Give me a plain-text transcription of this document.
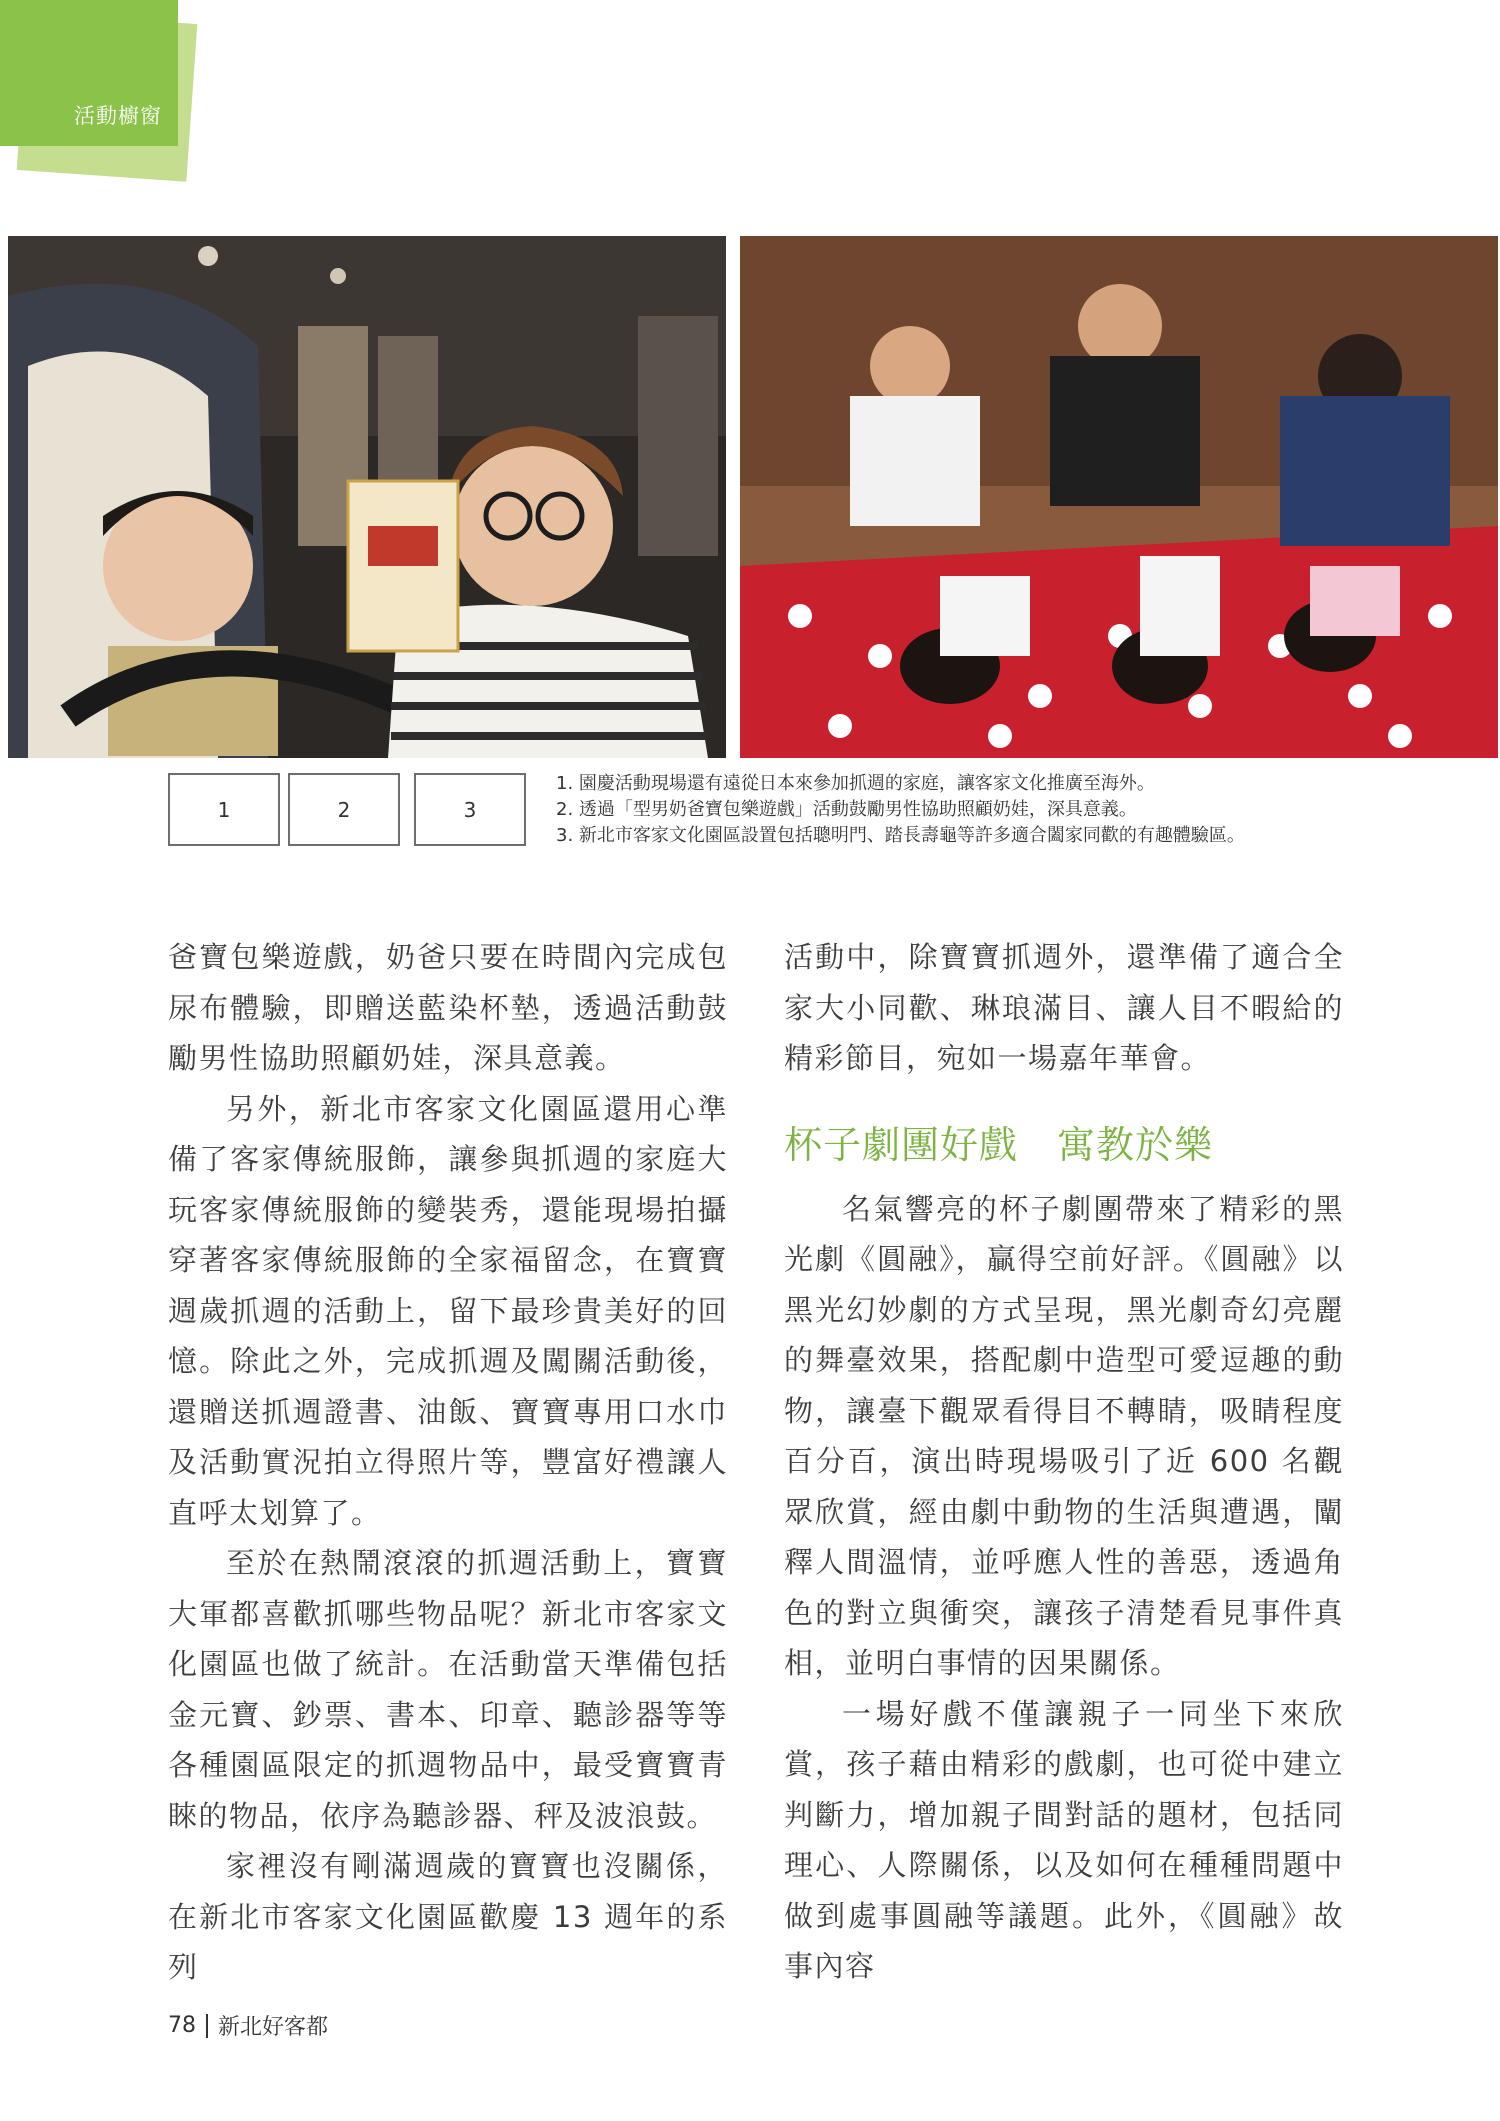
活動櫥窗
1	2	3
1. 園慶活動現場還有遠從日本來參加抓週的家庭，讓客家文化推廣至海外。
2. 透過「型男奶爸寶包樂遊戲」活動鼓勵男性協助照顧奶娃，深具意義。
3. 新北市客家文化園區設置包括聰明門、踏長壽龜等許多適合闔家同歡的有趣體驗區。

爸寶包樂遊戲，奶爸只要在時間內完成包尿布體驗，即贈送藍染杯墊，透過活動鼓勵男性協助照顧奶娃，深具意義。

另外，新北市客家文化園區還用心準備了客家傳統服飾，讓參與抓週的家庭大玩客家傳統服飾的變裝秀，還能現場拍攝穿著客家傳統服飾的全家福留念，在寶寶週歲抓週的活動上，留下最珍貴美好的回憶。除此之外，完成抓週及闖關活動後，還贈送抓週證書、油飯、寶寶專用口水巾及活動實況拍立得照片等，豐富好禮讓人直呼太划算了。

至於在熱鬧滾滾的抓週活動上，寶寶大軍都喜歡抓哪些物品呢？新北市客家文化園區也做了統計。在活動當天準備包括金元寶、鈔票、書本、印章、聽診器等等各種園區限定的抓週物品中，最受寶寶青睞的物品，依序為聽診器、秤及波浪鼓。

家裡沒有剛滿週歲的寶寶也沒關係，在新北市客家文化園區歡慶 13 週年的系列

活動中，除寶寶抓週外，還準備了適合全家大小同歡、琳琅滿目、讓人目不暇給的精彩節目，宛如一場嘉年華會。

杯子劇團好戲　寓教於樂

名氣響亮的杯子劇團帶來了精彩的黑光劇《圓融》，贏得空前好評。《圓融》以黑光幻妙劇的方式呈現，黑光劇奇幻亮麗的舞臺效果，搭配劇中造型可愛逗趣的動物，讓臺下觀眾看得目不轉睛，吸睛程度百分百，演出時現場吸引了近 600 名觀眾欣賞，經由劇中動物的生活與遭遇，闡釋人間溫情，並呼應人性的善惡，透過角色的對立與衝突，讓孩子清楚看見事件真相，並明白事情的因果關係。

一場好戲不僅讓親子一同坐下來欣賞，孩子藉由精彩的戲劇，也可從中建立判斷力，增加親子間對話的題材，包括同理心、人際關係，以及如何在種種問題中做到處事圓融等議題。此外，《圓融》故事內容

78 新北好客都
